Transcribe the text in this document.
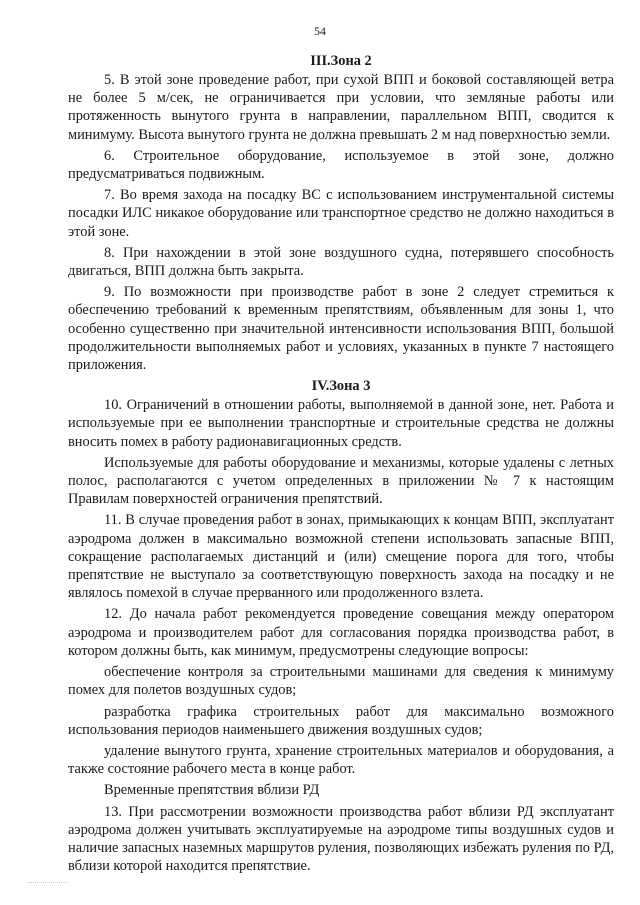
54
III.Зона 2

5. В этой зоне проведение работ, при сухой ВПП и боковой составляющей ветра не более 5 м/сек, не ограничивается при условии, что земляные работы или протяженность вынутого грунта в направлении, параллельном ВПП, сводится к минимуму. Высота вынутого грунта не должна превышать 2 м над поверхностью земли.

6. Строительное оборудование, используемое в этой зоне, должно предусматриваться подвижным.

7. Во время захода на посадку ВС с использованием инструментальной системы посадки ИЛС никакое оборудование или транспортное средство не должно находиться в этой зоне.

8. При нахождении в этой зоне воздушного судна, потерявшего способность двигаться, ВПП должна быть закрыта.

9. По возможности при производстве работ в зоне 2 следует стремиться к обеспечению требований к временным препятствиям, объявленным для зоны 1, что особенно существенно при значительной интенсивности использования ВПП, большой продолжительности выполняемых работ и условиях, указанных в пункте 7 настоящего приложения.

IV.Зона 3

10. Ограничений в отношении работы, выполняемой в данной зоне, нет. Работа и используемые при ее выполнении транспортные и строительные средства не должны вносить помех в работу радионавигационных средств.

Используемые для работы оборудование и механизмы, которые удалены с летных полос, располагаются с учетом определенных в приложении № 7 к настоящим Правилам поверхностей ограничения препятствий.

11. В случае проведения работ в зонах, примыкающих к концам ВПП, эксплуатант аэродрома должен в максимально возможной степени использовать запасные ВПП, сокращение располагаемых дистанций и (или) смещение порога для того, чтобы препятствие не выступало за соответствующую поверхность захода на посадку и не являлось помехой в случае прерванного или продолженного взлета.

12. До начала работ рекомендуется проведение совещания между оператором аэродрома и производителем работ для согласования порядка производства работ, в котором должны быть, как минимум, предусмотрены следующие вопросы:

обеспечение контроля за строительными машинами для сведения к минимуму помех для полетов воздушных судов;

разработка графика строительных работ для максимально возможного использования периодов наименьшего движения воздушных судов;

удаление вынутого грунта, хранение строительных материалов и оборудования, а также состояние рабочего места в конце работ.

Временные препятствия вблизи РД

13. При рассмотрении возможности производства работ вблизи РД эксплуатант аэродрома должен учитывать эксплуатируемые на аэродроме типы воздушных судов и наличие запасных наземных маршрутов руления, позволяющих избежать руления по РД, вблизи которой находится препятствие.
